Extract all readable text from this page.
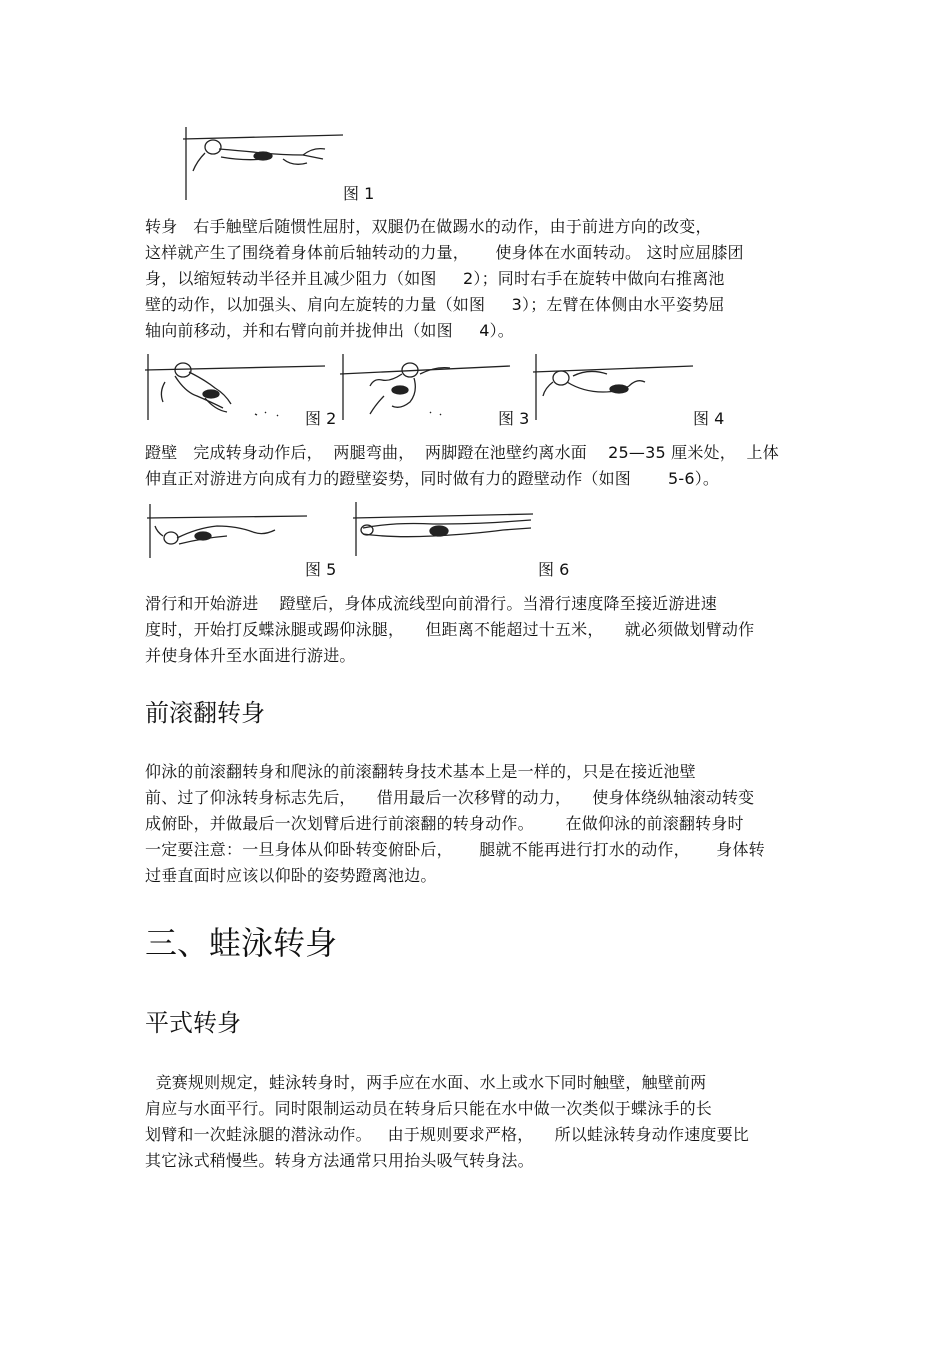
图 1
转身   右手触壁后随惯性屈肘，双腿仍在做踢水的动作，由于前进方向的改变，
这样就产生了围绕着身体前后轴转动的力量，     使身体在水面转动。 这时应屈膝团
身，以缩短转动半径并且减少阻力（如图     2）；同时右手在旋转中做向右推离池
壁的动作，以加强头、肩向左旋转的力量（如图     3）；左臂在体侧由水平姿势屈
轴向前移动，并和右臂向前并拢伸出（如图     4）。
图 2	图 3	图 4
蹬壁   完成转身动作后，  两腿弯曲，  两脚蹬在池壁约离水面    25—35 厘米处，  上体
伸直正对游进方向成有力的蹬壁姿势，同时做有力的蹬壁动作（如图       5-6）。
图 5	图 6
滑行和开始游进    蹬壁后，身体成流线型向前滑行。当滑行速度降至接近游进速
度时，开始打反蝶泳腿或踢仰泳腿，    但距离不能超过十五米，    就必须做划臂动作
并使身体升至水面进行游进。
前滚翻转身
仰泳的前滚翻转身和爬泳的前滚翻转身技术基本上是一样的，只是在接近池壁
前、过了仰泳转身标志先后，    借用最后一次移臂的动力，    使身体绕纵轴滚动转变
成俯卧，并做最后一次划臂后进行前滚翻的转身动作。      在做仰泳的前滚翻转身时
一定要注意：一旦身体从仰卧转变俯卧后，     腿就不能再进行打水的动作，     身体转
过垂直面时应该以仰卧的姿势蹬离池边。
三、蛙泳转身
平式转身
竞赛规则规定，蛙泳转身时，两手应在水面、水上或水下同时触壁，触壁前两
肩应与水面平行。同时限制运动员在转身后只能在水中做一次类似于蝶泳手的长
划臂和一次蛙泳腿的潜泳动作。   由于规则要求严格，    所以蛙泳转身动作速度要比
其它泳式稍慢些。转身方法通常只用抬头吸气转身法。
